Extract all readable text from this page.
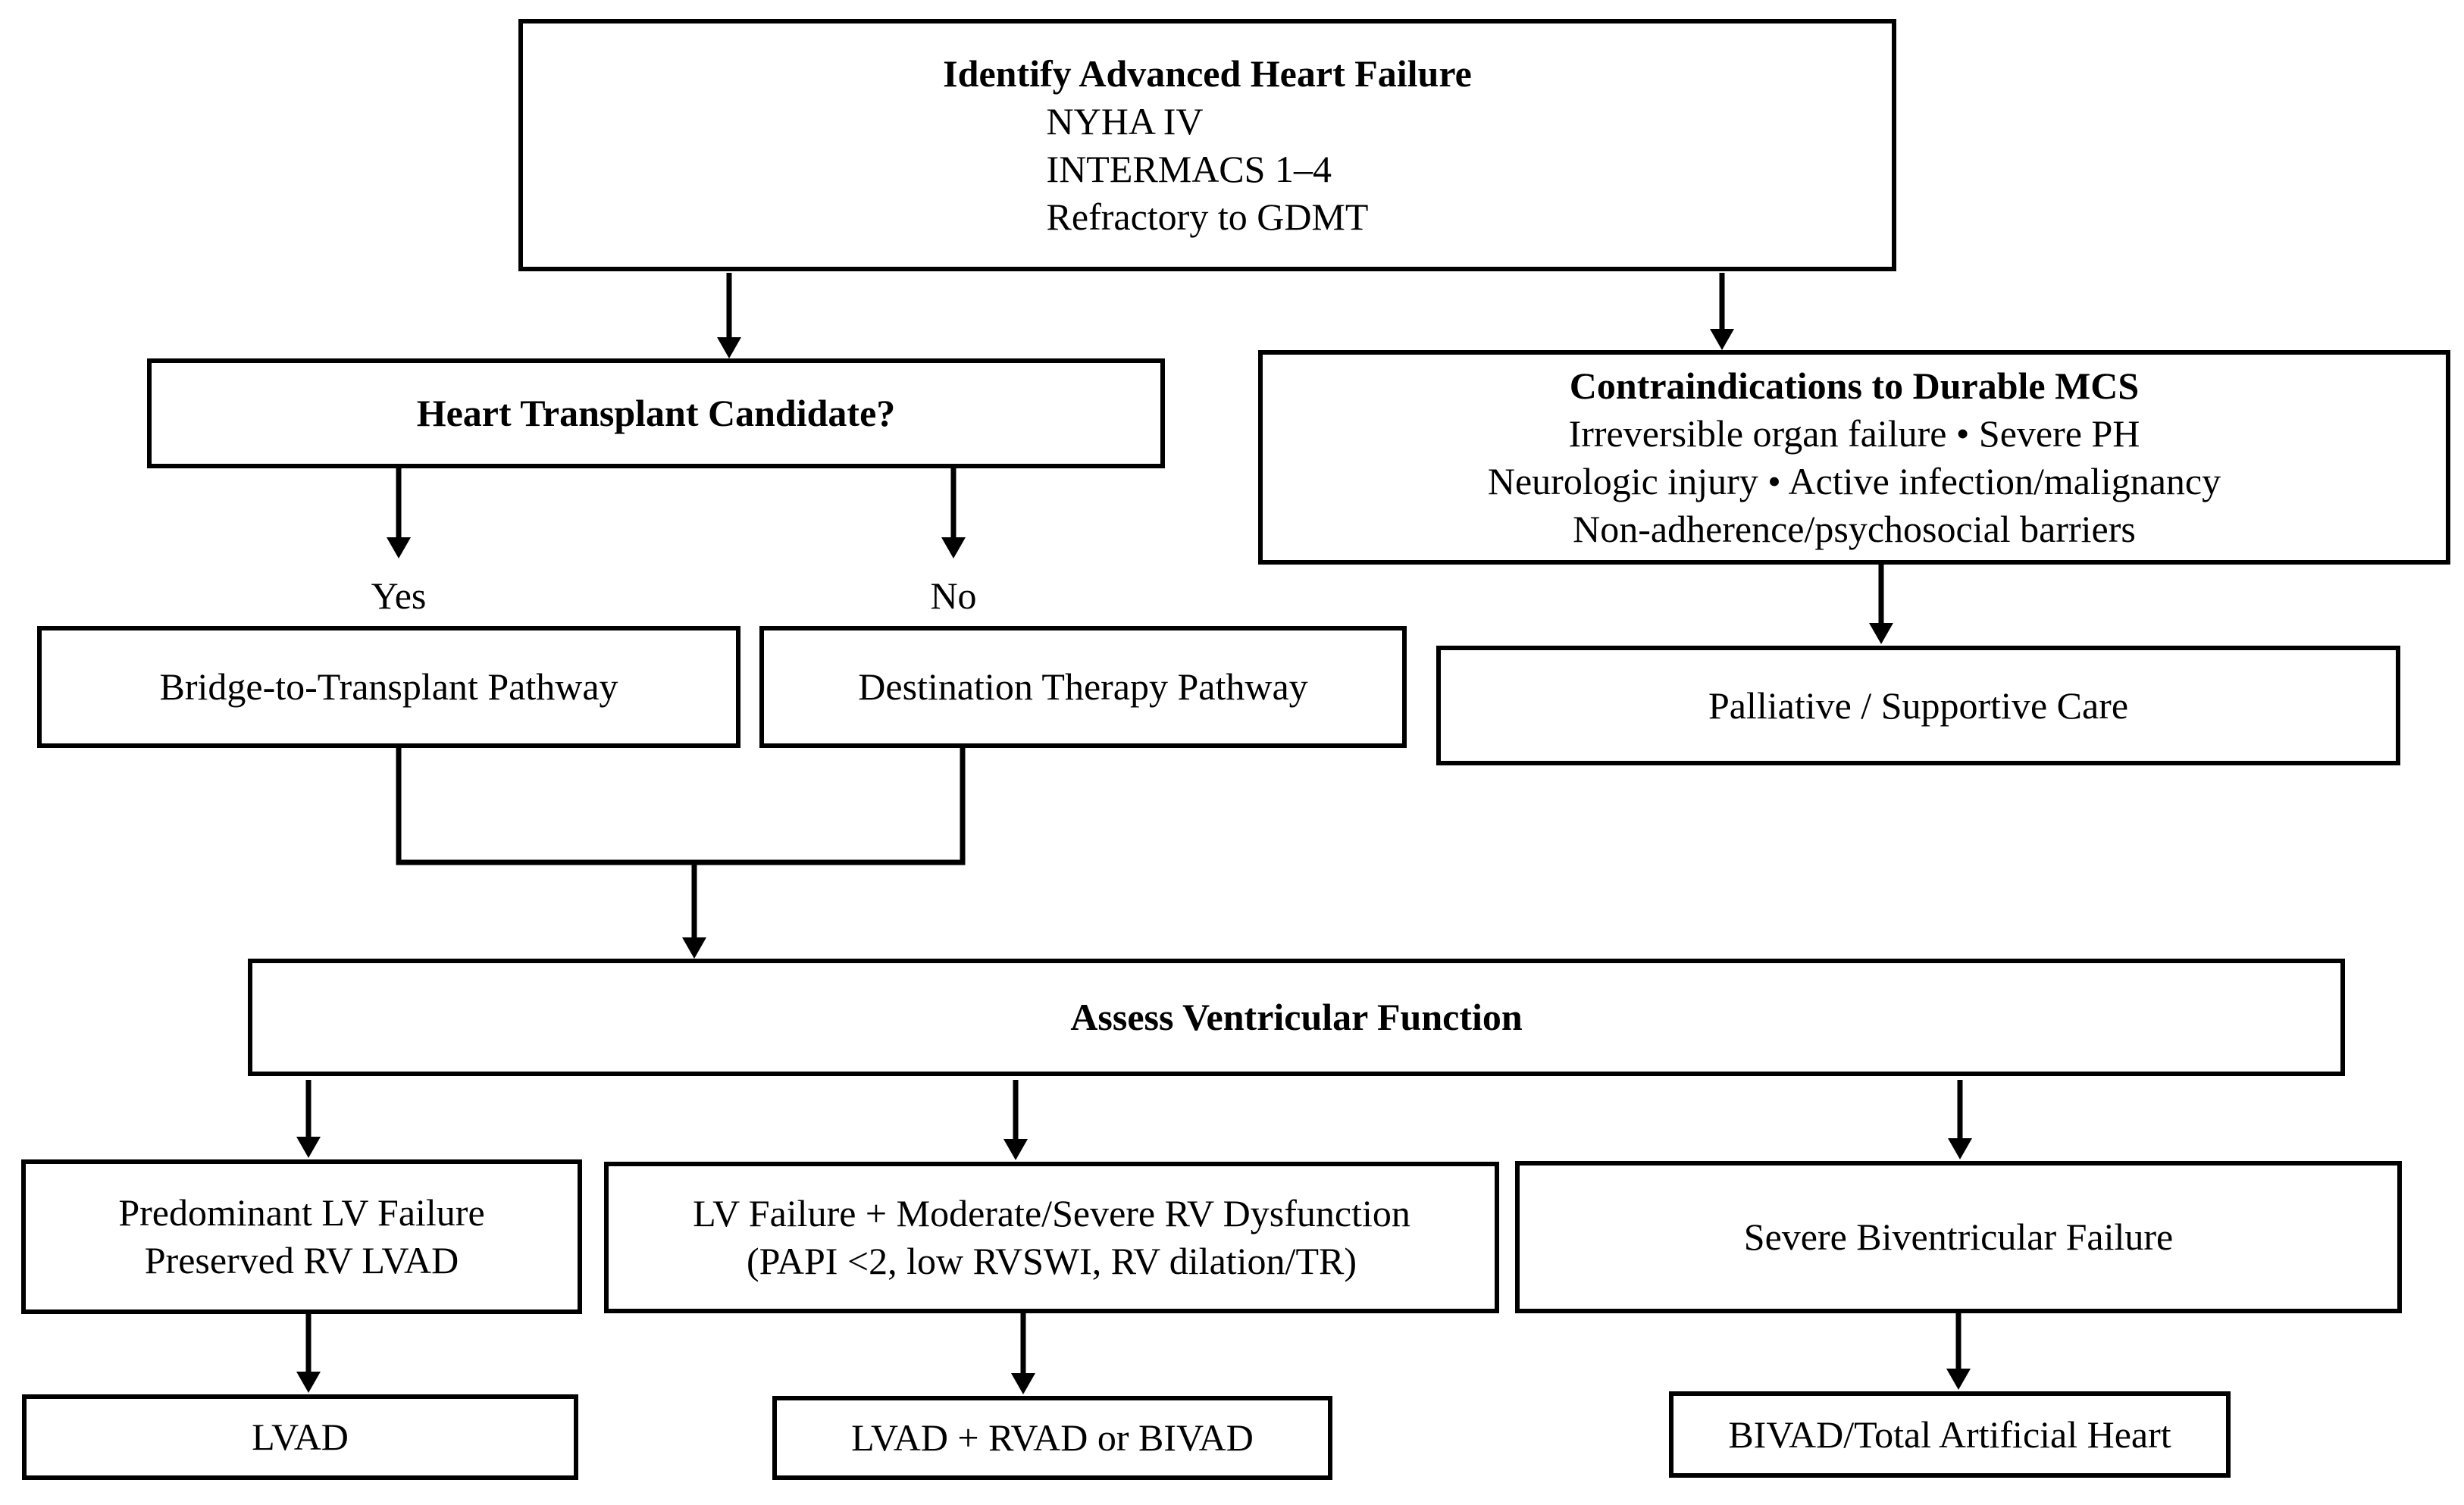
Identify Advanced Heart Failure
NYHA IV
INTERMACS 1–4
Refractory to GDMT
Heart Transplant Candidate?
Contraindications to Durable MCS
Irreversible organ failure • Severe PH
Neurologic injury • Active infection/malignancy
Non-adherence/psychosocial barriers
Yes	No
Bridge-to-Transplant Pathway	Destination Therapy Pathway	Palliative / Supportive Care
Assess Ventricular Function
Predominant LV Failure
Preserved RV LVAD
LV Failure + Moderate/Severe RV Dysfunction
(PAPI <2, low RVSWI, RV dilation/TR)
Severe Biventricular Failure
LVAD	LVAD + RVAD or BIVAD	BIVAD/Total Artificial Heart
